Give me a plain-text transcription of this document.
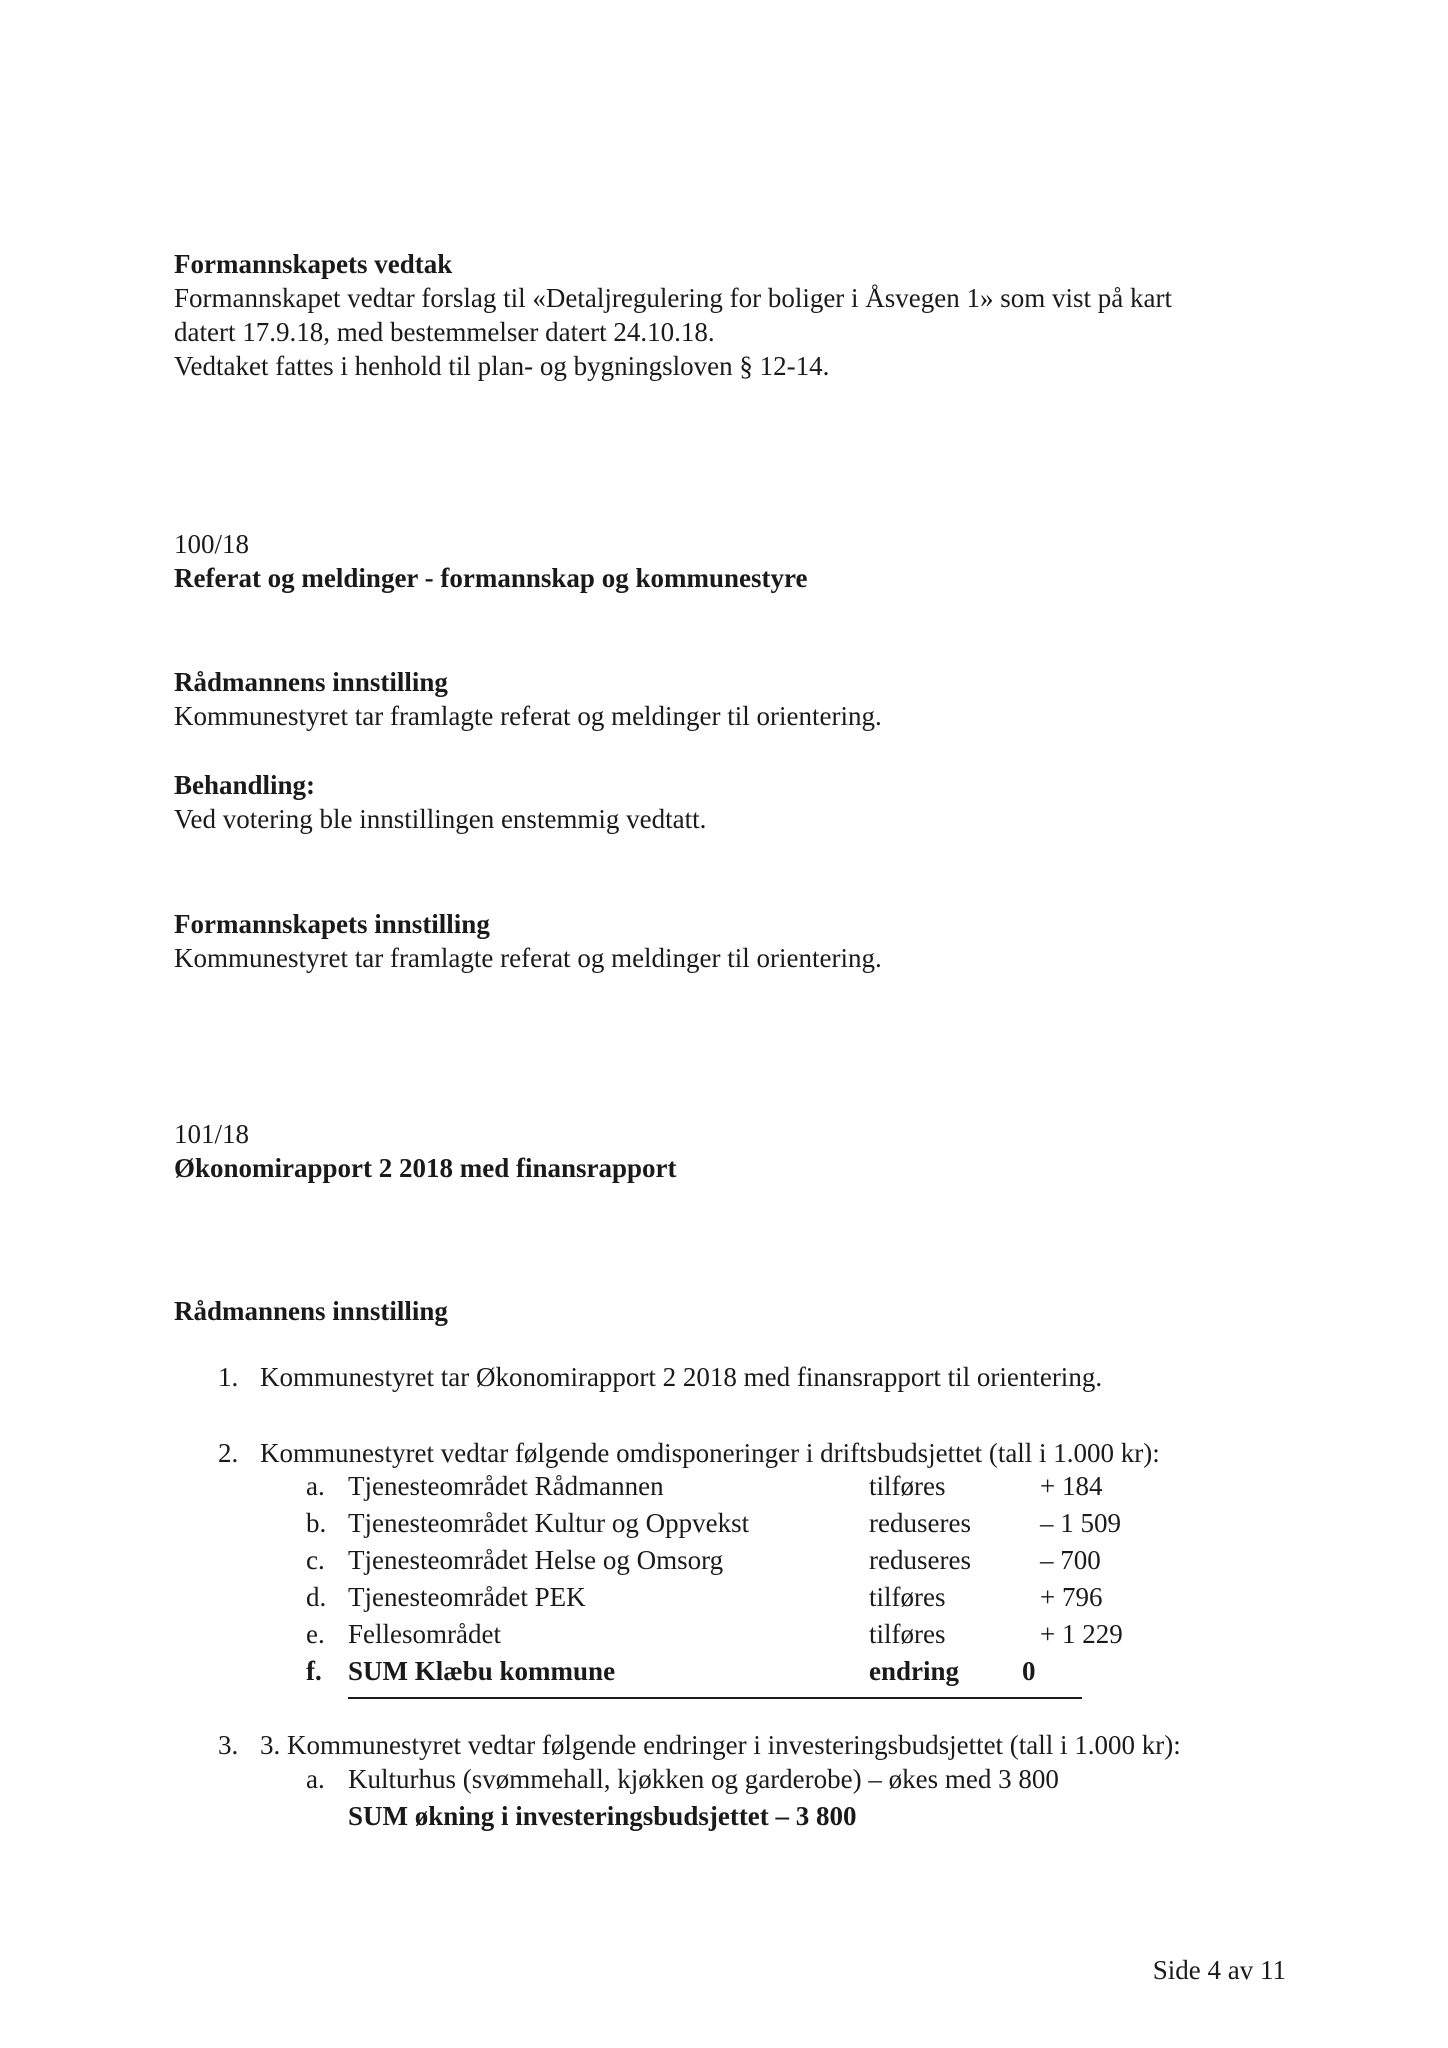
Formannskapets vedtak
Formannskapet vedtar forslag til «Detaljregulering for boliger i Åsvegen 1» som vist på kart
datert 17.9.18, med bestemmelser datert 24.10.18.
Vedtaket fattes i henhold til plan- og bygningsloven § 12-14.
100/18
Referat og meldinger - formannskap og kommunestyre
Rådmannens innstilling
Kommunestyret tar framlagte referat og meldinger til orientering.
Behandling:
Ved votering ble innstillingen enstemmig vedtatt.
Formannskapets innstilling
Kommunestyret tar framlagte referat og meldinger til orientering.
101/18
Økonomirapport 2 2018 med finansrapport
Rådmannens innstilling
1. Kommunestyret tar Økonomirapport 2 2018 med finansrapport til orientering.
2. Kommunestyret vedtar følgende omdisponeringer i driftsbudsjettet (tall i 1.000 kr):
a. Tjenesteområdet Rådmannen	tilføres	+ 184
b. Tjenesteområdet Kultur og Oppvekst	reduseres	– 1 509
c. Tjenesteområdet Helse og Omsorg	reduseres	– 700
d. Tjenesteområdet PEK	tilføres	+ 796
e. Fellesområdet	tilføres	+ 1 229
f. SUM Klæbu kommune	endring 0
3. 3. Kommunestyret vedtar følgende endringer i investeringsbudsjettet (tall i 1.000 kr):
a. Kulturhus (svømmehall, kjøkken og garderobe) – økes med 3 800
SUM økning i investeringsbudsjettet – 3 800
Side 4 av 11
